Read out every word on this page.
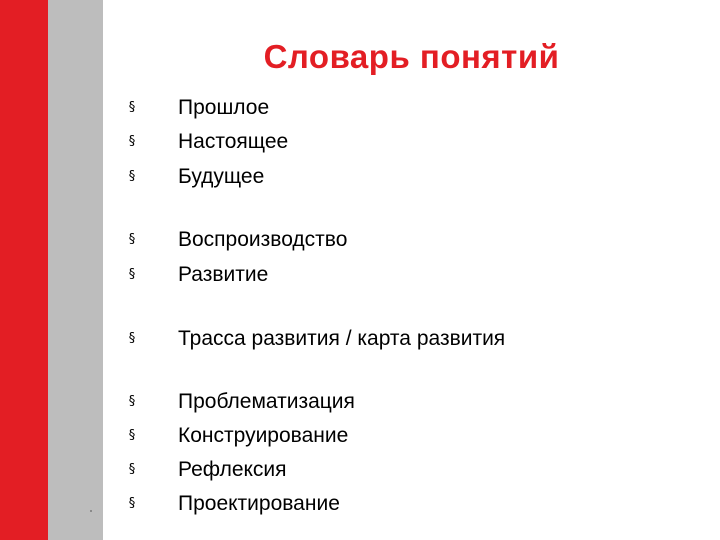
Словарь понятий
§ Прошлое
§ Настоящее
§ Будущее
§ Воспроизводство
§ Развитие
§ Трасса развития / карта развития
§ Проблематизация
§ Конструирование
§ Рефлексия
§ Проектирование
